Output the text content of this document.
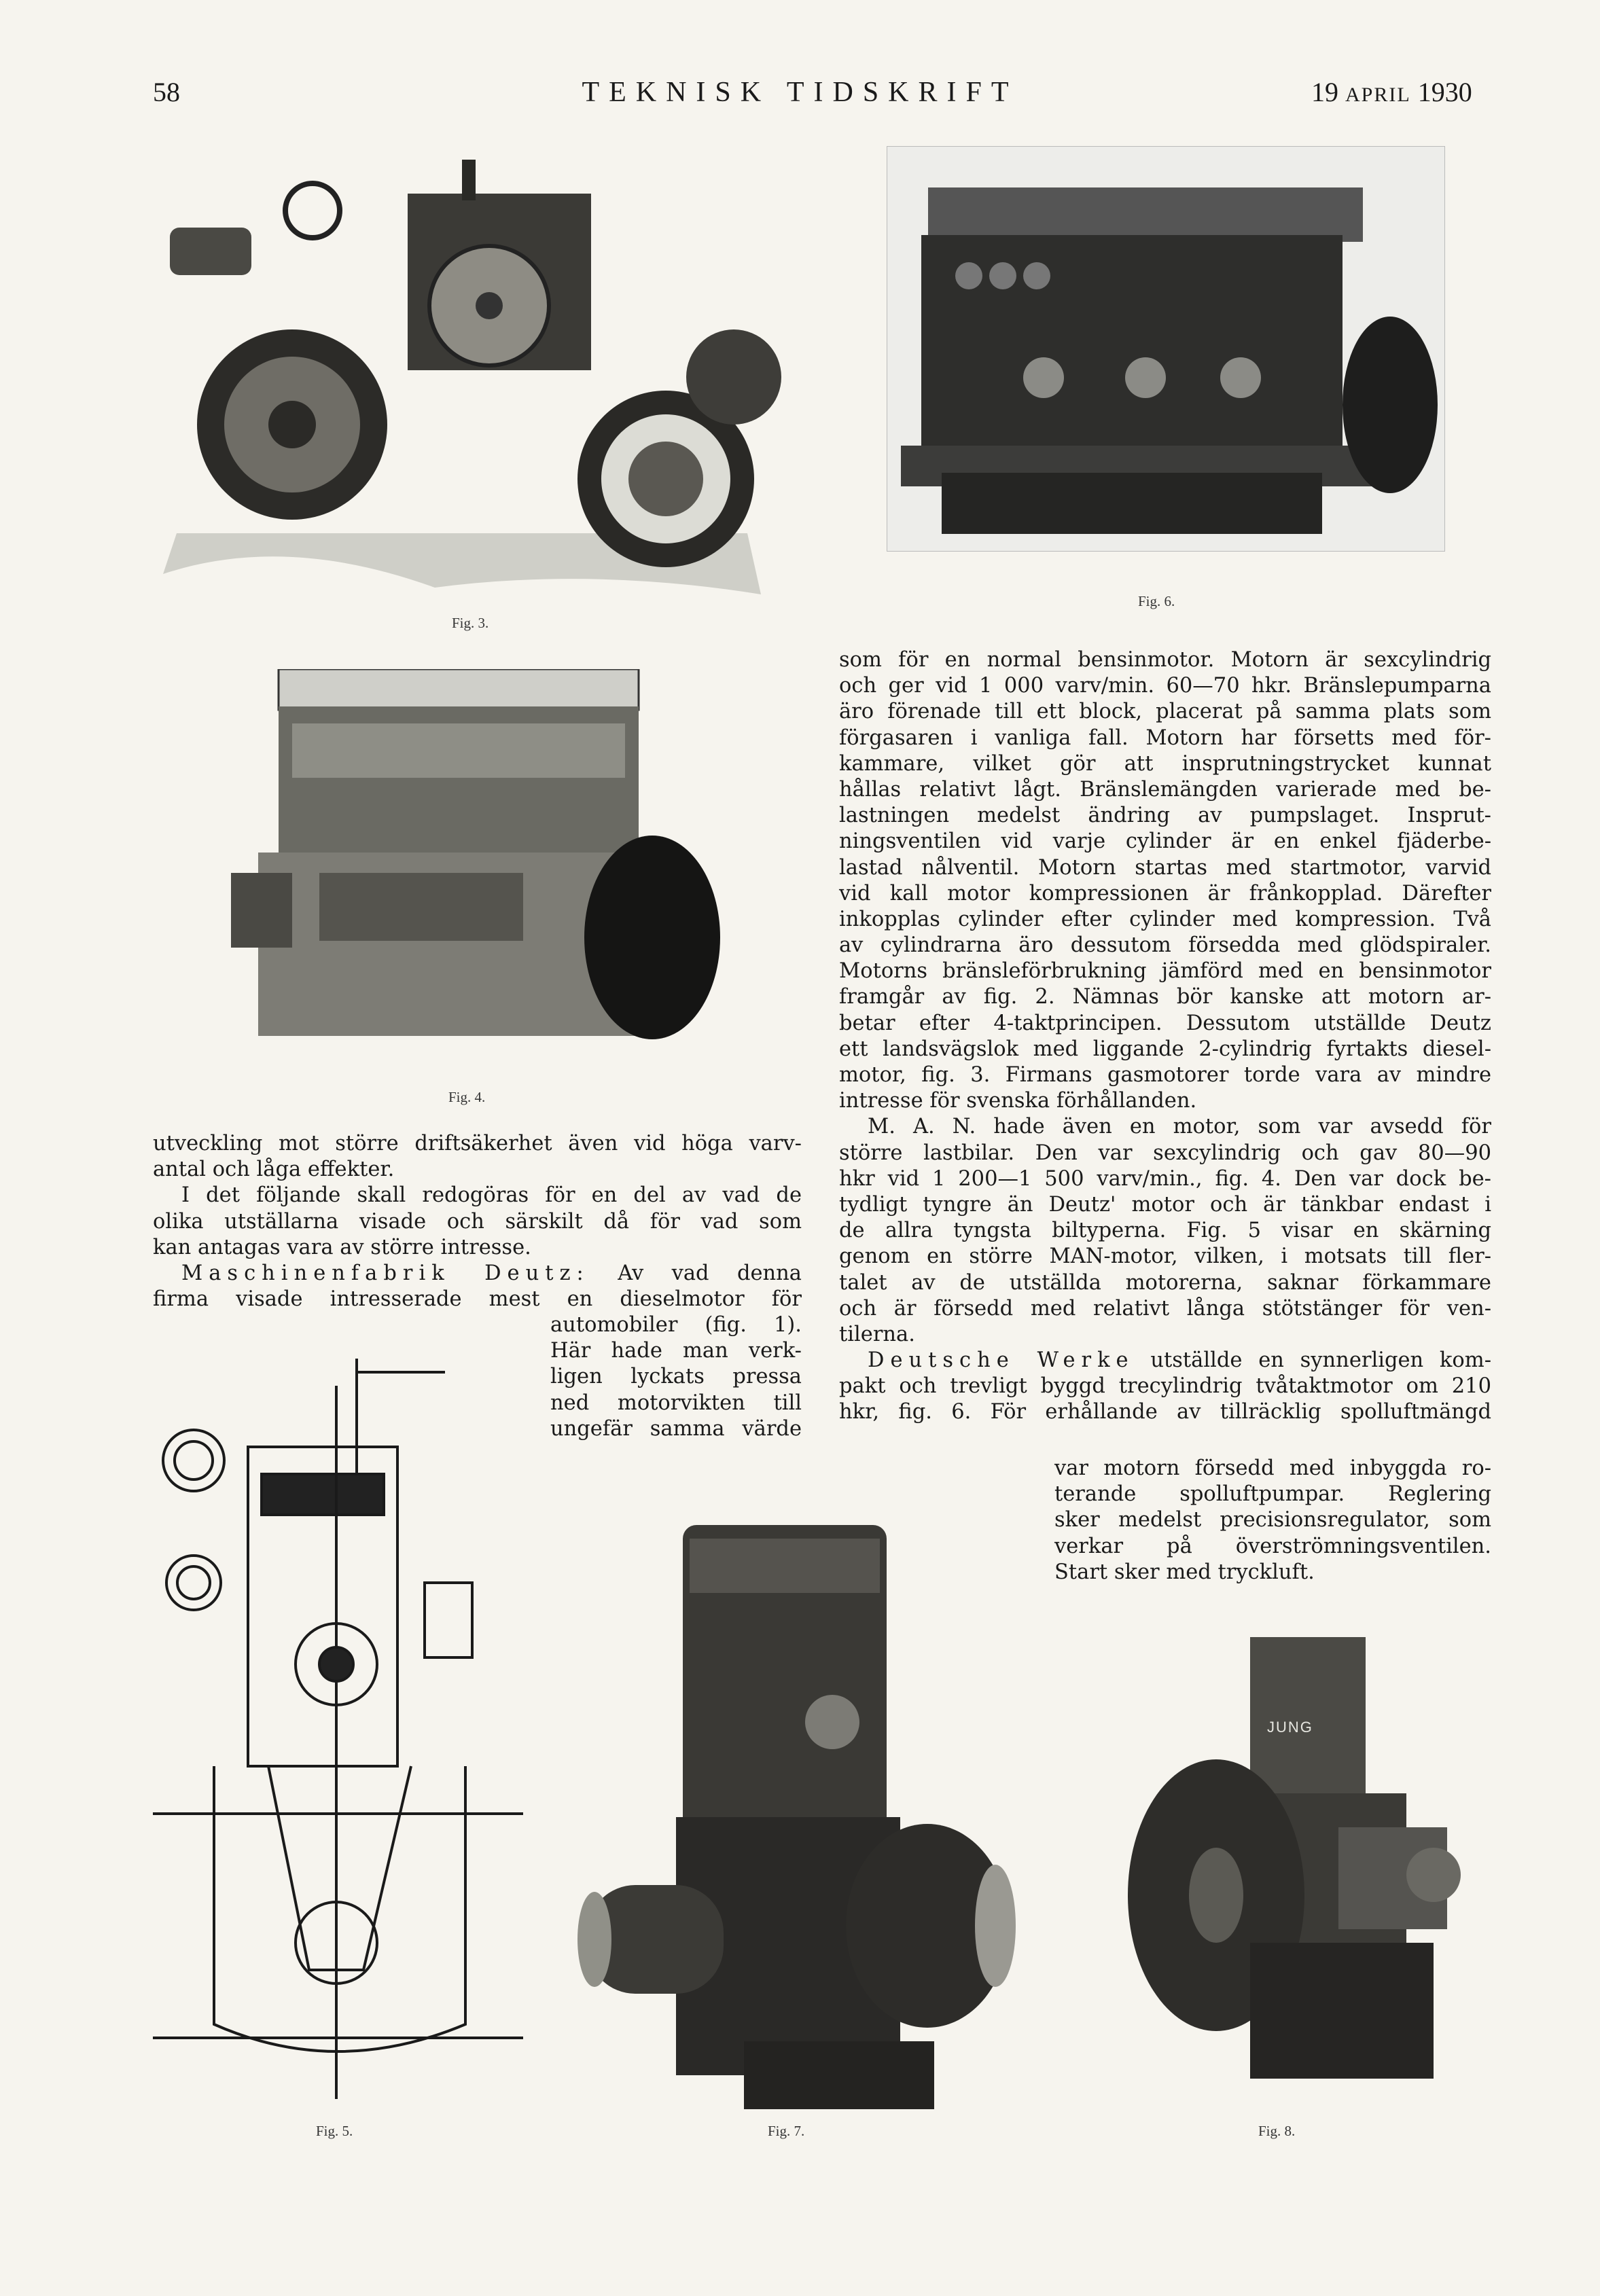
58	TEKNISK TIDSKRIFT	19 APRIL 1930
Fig. 3.
Fig. 6.
Fig. 4.
utveckling mot större driftsäkerhet även vid höga varv-
antal och låga effekter.
I det följande skall redogöras för en del av vad de
olika utställarna visade och särskilt då för vad som
kan antagas vara av större intresse.
Maschinenfabrik Deutz: Av vad denna
firma visade intresserade mest en dieselmotor för
automobiler (fig. 1).
Här hade man verk-
ligen lyckats pressa
ned motorvikten till
ungefär samma värde
Fig. 5.	Fig. 7.
JUNG
Fig. 8.
som för en normal bensinmotor. Motorn är sexcylindrig
och ger vid 1 000 varv/min. 60—70 hkr. Bränslepumparna
äro förenade till ett block, placerat på samma plats som
förgasaren i vanliga fall. Motorn har försetts med för-
kammare, vilket gör att insprutningstrycket kunnat
hållas relativt lågt. Bränslemängden varierade med be-
lastningen medelst ändring av pumpslaget. Insprut-
ningsventilen vid varje cylinder är en enkel fjäderbe-
lastad nålventil. Motorn startas med startmotor, varvid
vid kall motor kompressionen är frånkopplad. Därefter
inkopplas cylinder efter cylinder med kompression. Två
av cylindrarna äro dessutom försedda med glödspiraler.
Motorns bränsleförbrukning jämförd med en bensinmotor
framgår av fig. 2. Nämnas bör kanske att motorn ar-
betar efter 4-taktprincipen. Dessutom utställde Deutz
ett landsvägslok med liggande 2-cylindrig fyrtakts diesel-
motor, fig. 3. Firmans gasmotorer torde vara av mindre
intresse för svenska förhållanden.
M. A. N. hade även en motor, som var avsedd för
större lastbilar. Den var sexcylindrig och gav 80—90
hkr vid 1 200—1 500 varv/min., fig. 4. Den var dock be-
tydligt tyngre än Deutz' motor och är tänkbar endast i
de allra tyngsta biltyperna. Fig. 5 visar en skärning
genom en större MAN-motor, vilken, i motsats till fler-
talet av de utställda motorerna, saknar förkammare
och är försedd med relativt långa stötstänger för ven-
tilerna.
Deutsche Werke utställde en synnerligen kom-
pakt och trevligt byggd trecylindrig tvåtaktmotor om 210
hkr, fig. 6. För erhållande av tillräcklig spolluftmängd
var motorn försedd med inbyggda ro-
terande spolluftpumpar. Reglering
sker medelst precisionsregulator, som
verkar på överströmningsventilen.
Start sker med tryckluft.
